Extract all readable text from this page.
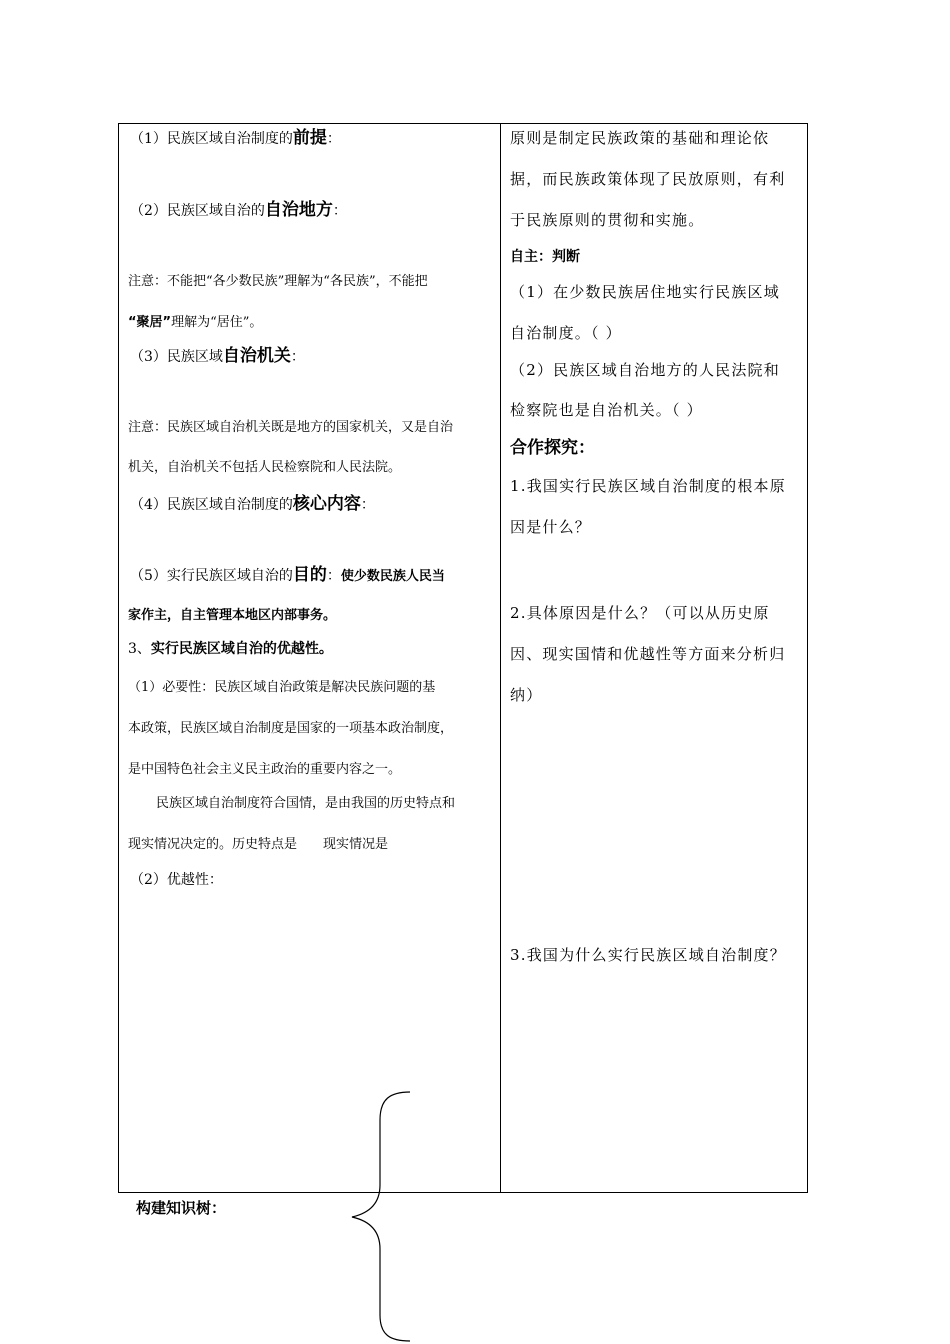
（1）民族区域自治制度的前提：
（2）民族区域自治的自治地方：
注意：不能把“各少数民族”理解为“各民族”，不能把
“聚居”理解为“居住”。
（3）民族区域自治机关：
注意：民族区域自治机关既是地方的国家机关，又是自治
机关，自治机关不包括人民检察院和人民法院。
（4）民族区域自治制度的核心内容：
（5）实行民族区域自治的目的：使少数民族人民当
家作主，自主管理本地区内部事务。
3、实行民族区域自治的优越性。
（1）必要性：民族区域自治政策是解决民族问题的基
本政策，民族区域自治制度是国家的一项基本政治制度，
是中国特色社会主义民主政治的重要内容之一。
民族区域自治制度符合国情，是由我国的历史特点和
现实情况决定的。历史特点是 现实情况是
（2）优越性：
原则是制定民族政策的基础和理论依
据，而民族政策体现了民放原则，有利
于民族原则的贯彻和实施。
自主：判断
（1）在少数民族居住地实行民族区域
自治制度。（ ）
（2）民族区域自治地方的人民法院和
检察院也是自治机关。（ ）
合作探究：
1.我国实行民族区域自治制度的根本原
因是什么？
2.具体原因是什么？（可以从历史原
因、现实国情和优越性等方面来分析归
纳）
3.我国为什么实行民族区域自治制度？
构建知识树：
